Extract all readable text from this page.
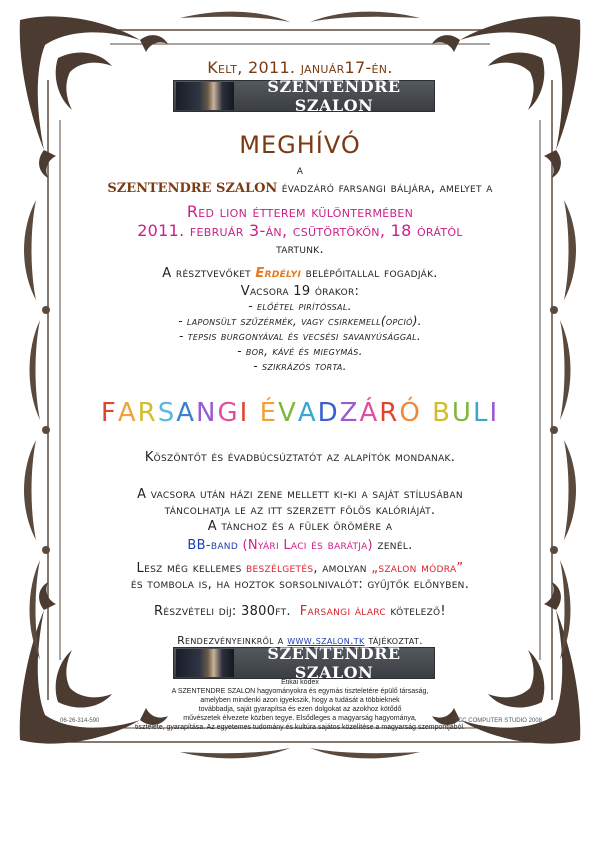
Kelt, 2011. január17-én.
SZENTENDRE SZALON
MEGHÍVÓ
a
SZENTENDRE SZALON évadzáró farsangi báljára, amelyet a
Red lion étterem különtermében
2011. február 3-án, csütörtökön, 18 órától
tartunk.
A résztvevőket Erdélyi belépőitallal fogadják.
Vacsora 19 órakor:
- előétel pirítóssal.
- laponsült szűzérmék, vagy csirkemell(opció).
- tepsis burgonyával és vecsési savanyúsággal.
- bor, kávé és miegymás.
- szikrázós torta.
FARSANGI ÉVADZÁRÓ BULI
Köszöntőt és évadbúcsúztatót az alapítók mondanak.
A vacsora után házi zene mellett ki-ki a saját stílusában
táncolhatja le az itt szerzett fölös kalóriáját.
A tánchoz és a fülek örömére a
BB-band (Nyári Laci és barátja) zenél.
Lesz még kellemes beszélgetés, amolyan „szalon módra”
és tombola is, ha hoztok sorsolnivalót: gyűjtők előnyben.
Részvételi díj: 3800ft. Farsangi álarc kötelező!
Rendezvényeinkről a www.szalon.tk tájékoztat.
SZENTENDRE SZALON
Etikai kódex
A SZENTENDRE SZALON hagyományokra és egymás tiszteletére épülő társaság,
amelyben mindenki azon igyekszik, hogy a tudását a többieknek
továbbadja, saját gyarapítsa és ezen dolgokat az azokhoz kötődő
művészetek élvezete közben tegye. Elsődleges a magyarság hagyománya,
tisztelete, gyarapítása. Az egyetemes tudomány és kultúra sajátos közelítése a magyarság szempontjából.
06-26-314-590	TCC COMPUTER STUDIO 2008
